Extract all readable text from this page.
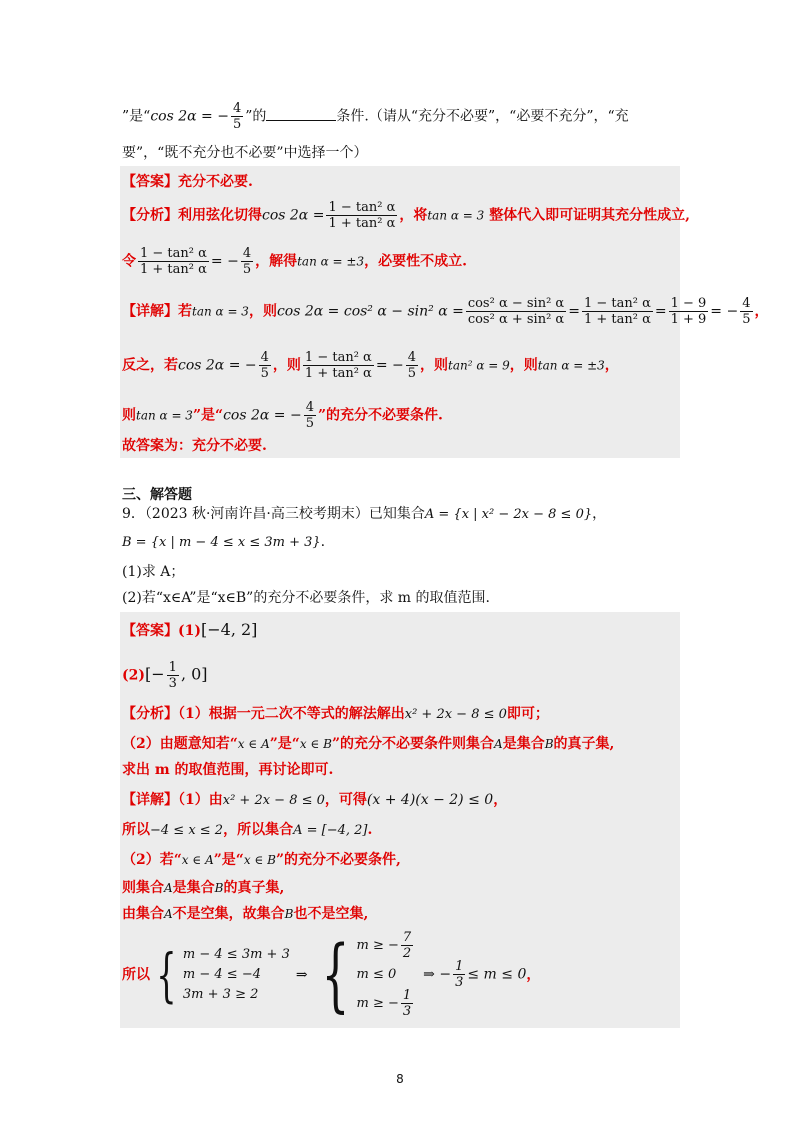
”是“cos 2α = − $\frac{4}{5}$ ”的	条件.（请从“充分不必要”，“必要不充分”，“充
要”，“既不充分也不必要”中选择一个）
【答案】充分不必要.
【分析】利用弦化切得$\cos 2\alpha = \frac{\text{1 − tan² α}}{\text{1 + tan² α}}$ ，将tan α = 3 整体代入即可证明其充分性成立,
令 $\frac{\text{1 − tan² α}}{\text{1 + tan² α}}$ = − $\frac{4}{5}$ ，解得tan α = ±3，必要性不成立.
【详解】若tan α = 3，则cos 2α = cos² α − sin² $\alpha = \frac{\text{cos² α − sin² α}}{\text{cos² α + sin² α}} = \frac{\text{1 − tan² α}}{\text{1 + tan² α}} = \frac{1 - 9}{1 + 9}$ = − $\frac{4}{5}$ ，
反之，若cos 2α = − $\frac{4}{5}$ ，则 $\frac{\text{1 − tan² α}}{\text{1 + tan² α}}$ = − $\frac{4}{5}$ ，则tan² α = 9，则tan α = ±3，
则tan α = 3”是“cos 2α = − $\frac{4}{5}$ ”的充分不必要条件.
故答案为：充分不必要.
三、解答题
9．（2023 秋·河南许昌·高三校考期末）已知集合A = {x | x² − 2x − 8 ≤ 0}，
B = {x | m − 4 ≤ x ≤ 3m + 3}.
(1)求 A；
(2)若“x∈A”是“x∈B”的充分不必要条件，求 m 的取值范围.
【答案】(1)[−4, 2]
$(2)[- \frac{1}{3}$ , 0]
【分析】（1）根据一元二次不等式的解法解出x² + 2x − 8 ≤ 0即可；
（2）由题意知若“x ∈ A”是“x ∈ B”的充分不必要条件则集合A是集合B的真子集,
求出 m 的取值范围，再讨论即可.
【详解】（1）由x² + 2x − 8 ≤ 0，可得(x + 4)(x − 2) ≤ 0，
所以−4 ≤ x ≤ 2，所以集合A = [−4, 2].
（2）若“x ∈ A”是“x ∈ B”的充分不必要条件,
则集合A是集合B的真子集,
由集合A不是空集，故集合B也不是空集,
所以 { m − 4 ≤ 3m + 3
m − 4 ≤ −4
3m + 3 ≥ 2
⇒ { m ≥ − $\frac{7}{2}$
m ≤ 0
m ≥ − $\frac{1}{3}$
⇒ − $\frac{1}{3} \le m \le 0$，
8
